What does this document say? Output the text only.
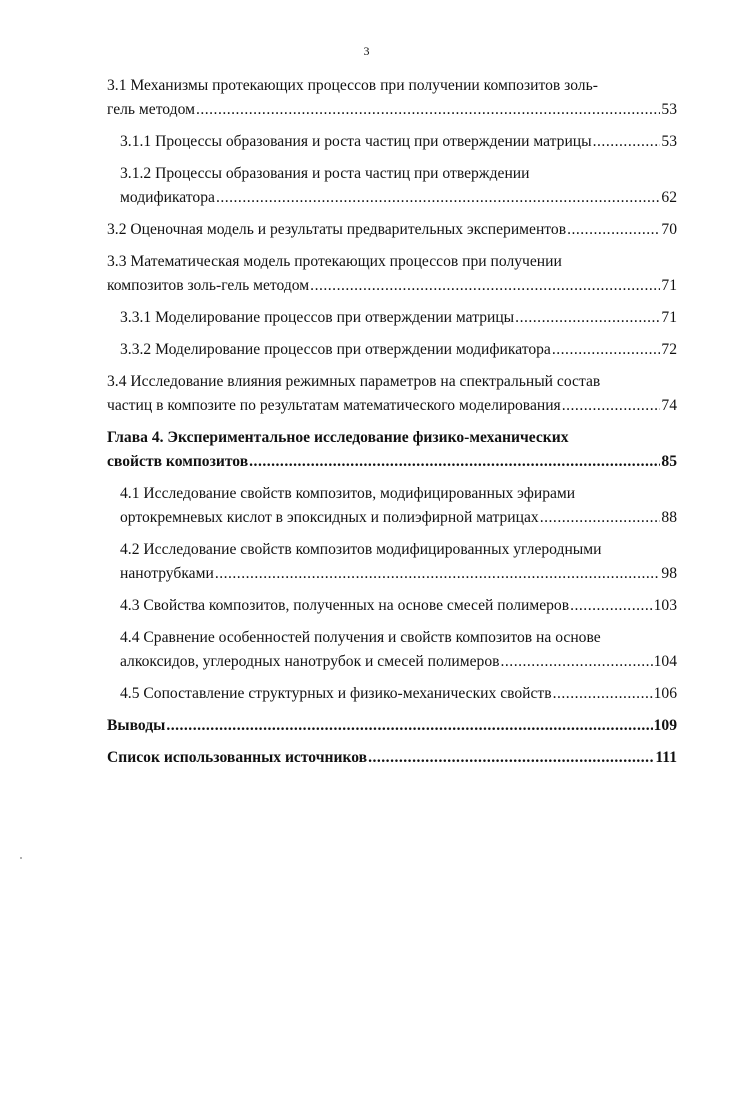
3
3.1 Механизмы протекающих процессов при получении композитов золь-
гель методом .....	53
3.1.1 Процессы образования и роста частиц при отверждении матрицы .....	53
3.1.2 Процессы образования и роста частиц при отверждении
модификатора .....	62
3.2 Оценочная модель и результаты предварительных экспериментов .....	70
3.3 Математическая модель протекающих процессов при получении
композитов золь-гель методом .....	71
3.3.1 Моделирование процессов при отверждении матрицы .....	71
3.3.2 Моделирование процессов при отверждении модификатора .....	72
3.4 Исследование влияния режимных параметров на спектральный состав
частиц в композите по результатам математического моделирования .....	74
Глава 4. Экспериментальное исследование физико-механических
свойств композитов .....	85
4.1 Исследование свойств композитов, модифицированных эфирами
ортокремневых кислот в эпоксидных и полиэфирной матрицах .....	88
4.2 Исследование свойств композитов модифицированных углеродными
нанотрубками .....	98
4.3 Свойства композитов, полученных на основе смесей полимеров .....	103
4.4 Сравнение особенностей получения и свойств композитов на основе
алкоксидов, углеродных нанотрубок и смесей полимеров .....	104
4.5 Сопоставление структурных и физико-механических свойств .....	106
Выводы .....	109
Список использованных источников .....	111
